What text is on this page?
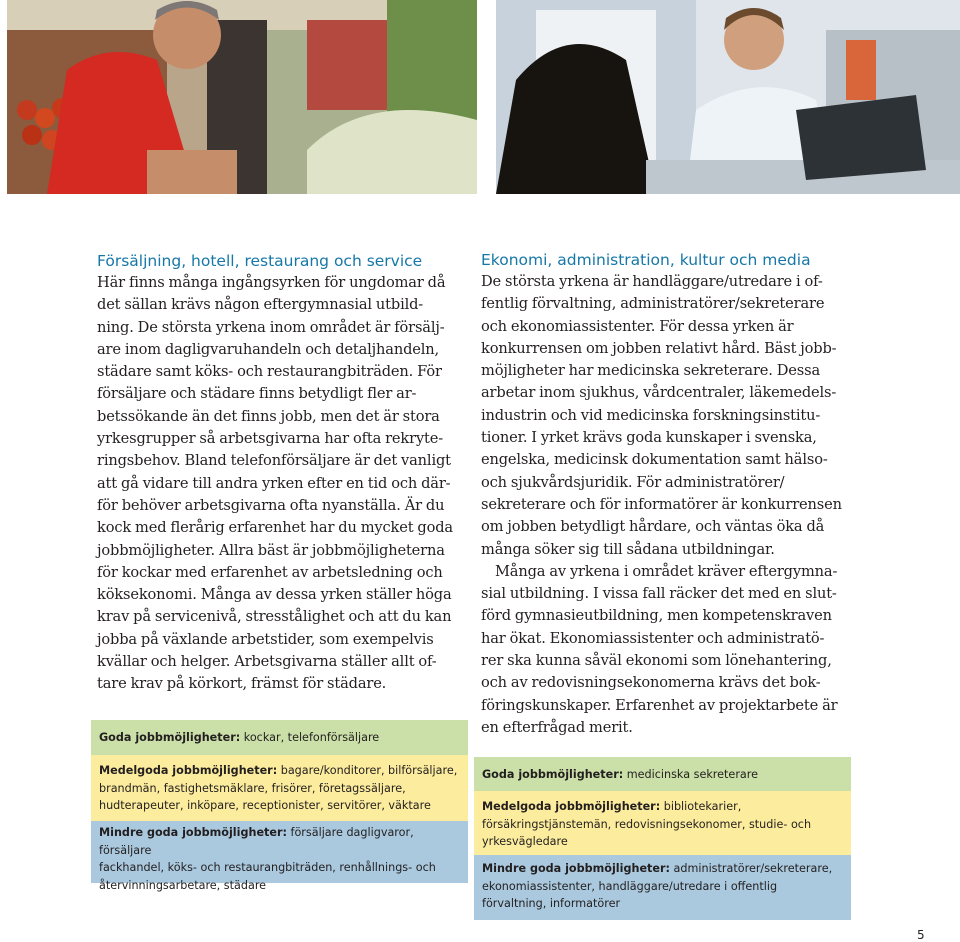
Försäljning, hotell, restaurang och service

Här finns många ingångsyrken för ungdomar då
det sällan krävs någon eftergymnasial utbild-
ning. De största yrkena inom området är försälj-
are inom dagligvaruhandeln och detaljhandeln,
städare samt köks- och restaurangbiträden. För
försäljare och städare finns betydligt fler ar-
betssökande än det finns jobb, men det är stora
yrkesgrupper så arbetsgivarna har ofta rekryte-
ringsbehov. Bland telefonförsäljare är det vanligt
att gå vidare till andra yrken efter en tid och där-
för behöver arbetsgivarna ofta nyanställa. Är du
kock med flerårig erfarenhet har du mycket goda
jobbmöjligheter. Allra bäst är jobbmöjligheterna
för kockar med erfarenhet av arbetsledning och
köksekonomi. Många av dessa yrken ställer höga
krav på servicenivå, stresstålighet och att du kan
jobba på växlande arbetstider, som exempelvis
kvällar och helger. Arbetsgivarna ställer allt of-
tare krav på körkort, främst för städare.

Goda jobbmöjligheter: kockar, telefonförsäljare
Medelgoda jobbmöjligheter: bagare/konditorer, bilförsäljare,
brandmän, fastighetsmäklare, frisörer, företagssäljare,
hudterapeuter, inköpare, receptionister, servitörer, väktare
Mindre goda jobbmöjligheter: försäljare dagligvaror, försäljare
fackhandel, köks- och restaurangbiträden, renhållnings- och
återvinningsarbetare, städare
Ekonomi, administration, kultur och media

De största yrkena är handläggare/utredare i of-
fentlig förvaltning, administratörer/sekreterare
och ekonomiassistenter. För dessa yrken är
konkurrensen om jobben relativt hård. Bäst jobb-
möjligheter har medicinska sekreterare. Dessa
arbetar inom sjukhus, vårdcentraler, läkemedels-
industrin och vid medicinska forskningsinstitu-
tioner. I yrket krävs goda kunskaper i svenska,
engelska, medicinsk dokumentation samt hälso-
och sjukvårdsjuridik. För administratörer/
sekreterare och för informatörer är konkurrensen
om jobben betydligt hårdare, och väntas öka då
många söker sig till sådana utbildningar.
Många av yrkena i området kräver eftergymna-
sial utbildning. I vissa fall räcker det med en slut-
förd gymnasieutbildning, men kompetenskraven
har ökat. Ekonomiassistenter och administratö-
rer ska kunna såväl ekonomi som lönehantering,
och av redovisningsekonomerna krävs det bok-
föringskunskaper. Erfarenhet av projektarbete är
en efterfrågad merit.

Goda jobbmöjligheter: medicinska sekreterare
Medelgoda jobbmöjligheter: bibliotekarier,
försäkringstjänstemän, redovisningsekonomer, studie- och
yrkesvägledare
Mindre goda jobbmöjligheter: administratörer/sekreterare,
ekonomiassistenter, handläggare/utredare i offentlig
förvaltning, informatörer
5
